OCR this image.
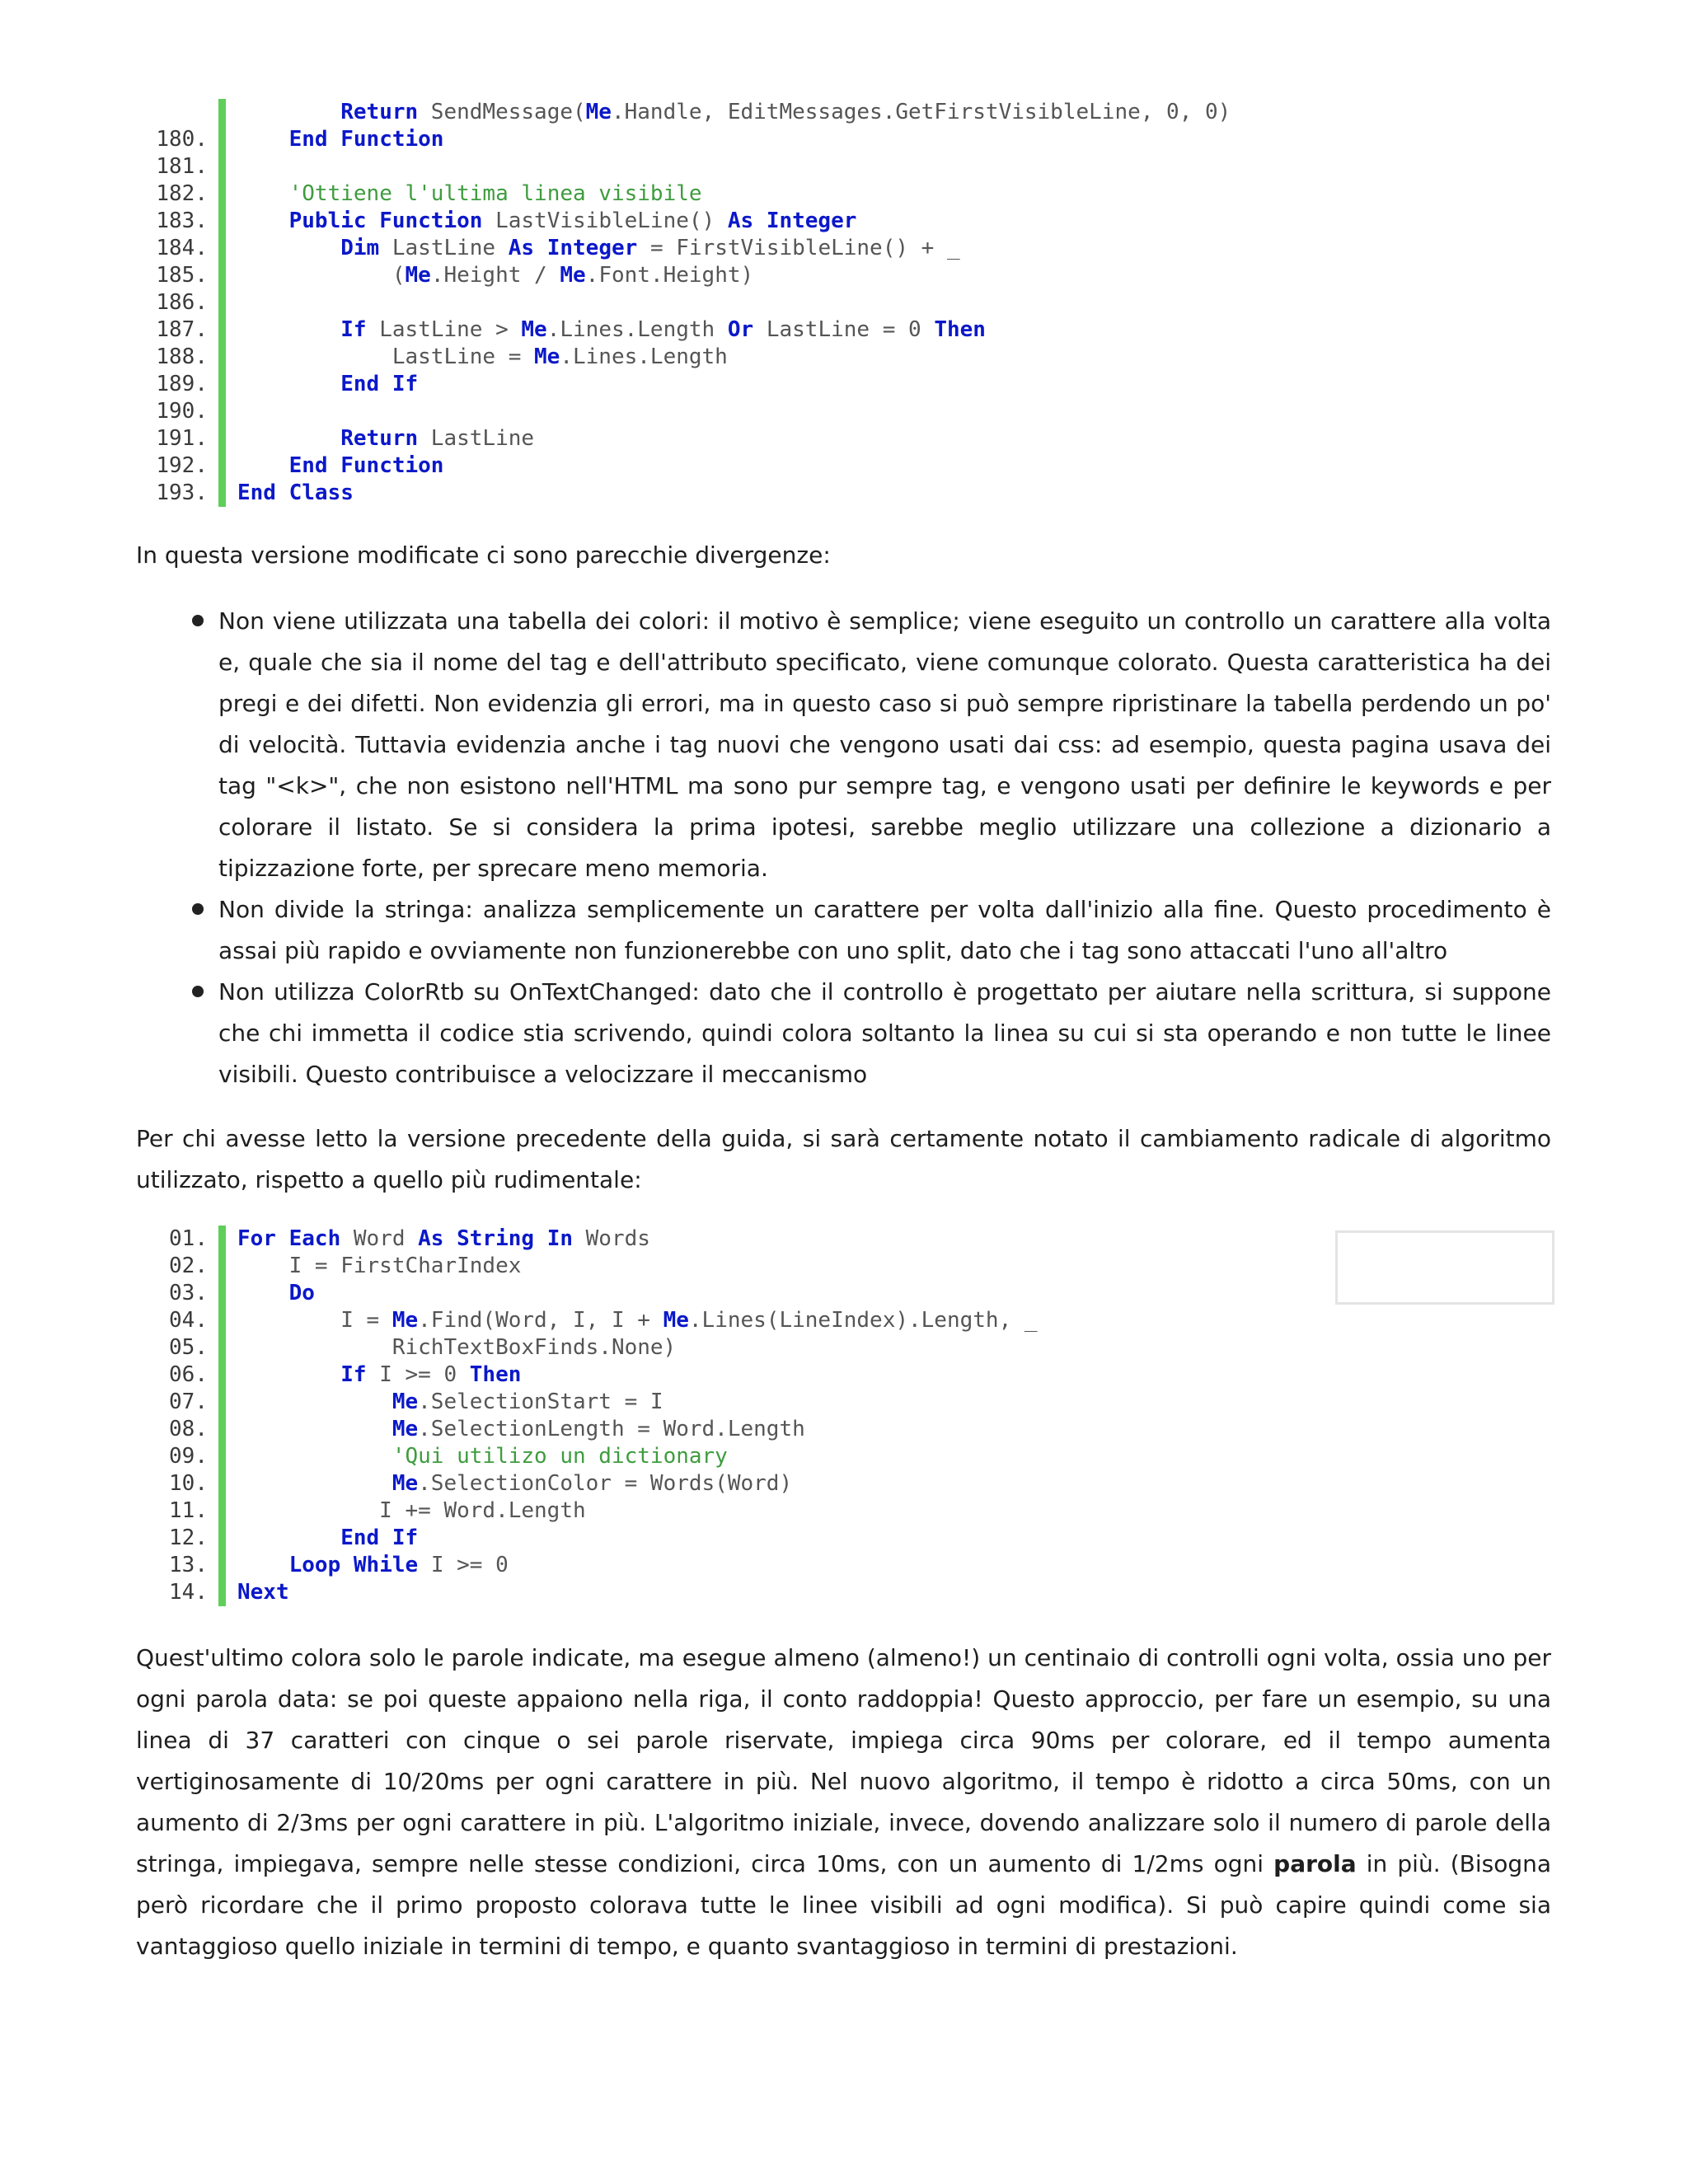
Return SendMessage(Me.Handle, EditMessages.GetFirstVisibleLine, 0, 0)
180.	End Function
181.
182.	'Ottiene l'ultima linea visibile
183.	Public Function LastVisibleLine() As Integer
184.	Dim LastLine As Integer = FirstVisibleLine() + _
185. (Me.Height / Me.Font.Height)
186.
187.	If LastLine > Me.Lines.Length Or LastLine = 0 Then
188. LastLine = Me.Lines.Length
189.	End If
190.
191.	Return LastLine
192.	End Function
193. End Class
In questa versione modificate ci sono parecchie divergenze:
Non viene utilizzata una tabella dei colori: il motivo è semplice; viene eseguito un controllo un carattere alla volta e, quale che sia il nome del tag e dell'attributo specificato, viene comunque colorato. Questa caratteristica ha dei pregi e dei difetti. Non evidenzia gli errori, ma in questo caso si può sempre ripristinare la tabella perdendo un po' di velocità. Tuttavia evidenzia anche i tag nuovi che vengono usati dai css: ad esempio, questa pagina usava dei tag "<k>", che non esistono nell'HTML ma sono pur sempre tag, e vengono usati per definire le keywords e per colorare il listato. Se si considera la prima ipotesi, sarebbe meglio utilizzare una collezione a dizionario a tipizzazione forte, per sprecare meno memoria.
Non divide la stringa: analizza semplicemente un carattere per volta dall'inizio alla fine. Questo procedimento è assai più rapido e ovviamente non funzionerebbe con uno split, dato che i tag sono attaccati l'uno all'altro
Non utilizza ColorRtb su OnTextChanged: dato che il controllo è progettato per aiutare nella scrittura, si suppone che chi immetta il codice stia scrivendo, quindi colora soltanto la linea su cui si sta operando e non tutte le linee visibili. Questo contribuisce a velocizzare il meccanismo
Per chi avesse letto la versione precedente della guida, si sarà certamente notato il cambiamento radicale di algoritmo utilizzato, rispetto a quello più rudimentale:
01. For Each Word As String In Words
02. I = FirstCharIndex
03.	Do
04. I = Me.Find(Word, I, I + Me.Lines(LineIndex).Length, _
05. RichTextBoxFinds.None)
06.	If I >= 0 Then
07.	Me.SelectionStart = I
08.	Me.SelectionLength = Word.Length
09.	'Qui utilizo un dictionary
10.	Me.SelectionColor = Words(Word)
11. I += Word.Length
12.	End If
13.	Loop While I >= 0
14. Next
Quest'ultimo colora solo le parole indicate, ma esegue almeno (almeno!) un centinaio di controlli ogni volta, ossia uno per ogni parola data: se poi queste appaiono nella riga, il conto raddoppia! Questo approccio, per fare un esempio, su una linea di 37 caratteri con cinque o sei parole riservate, impiega circa 90ms per colorare, ed il tempo aumenta vertiginosamente di 10/20ms per ogni carattere in più. Nel nuovo algoritmo, il tempo è ridotto a circa 50ms, con un aumento di 2/3ms per ogni carattere in più. L'algoritmo iniziale, invece, dovendo analizzare solo il numero di parole della stringa, impiegava, sempre nelle stesse condizioni, circa 10ms, con un aumento di 1/2ms ogni parola in più. (Bisogna però ricordare che il primo proposto colorava tutte le linee visibili ad ogni modifica). Si può capire quindi come sia vantaggioso quello iniziale in termini di tempo, e quanto svantaggioso in termini di prestazioni.
